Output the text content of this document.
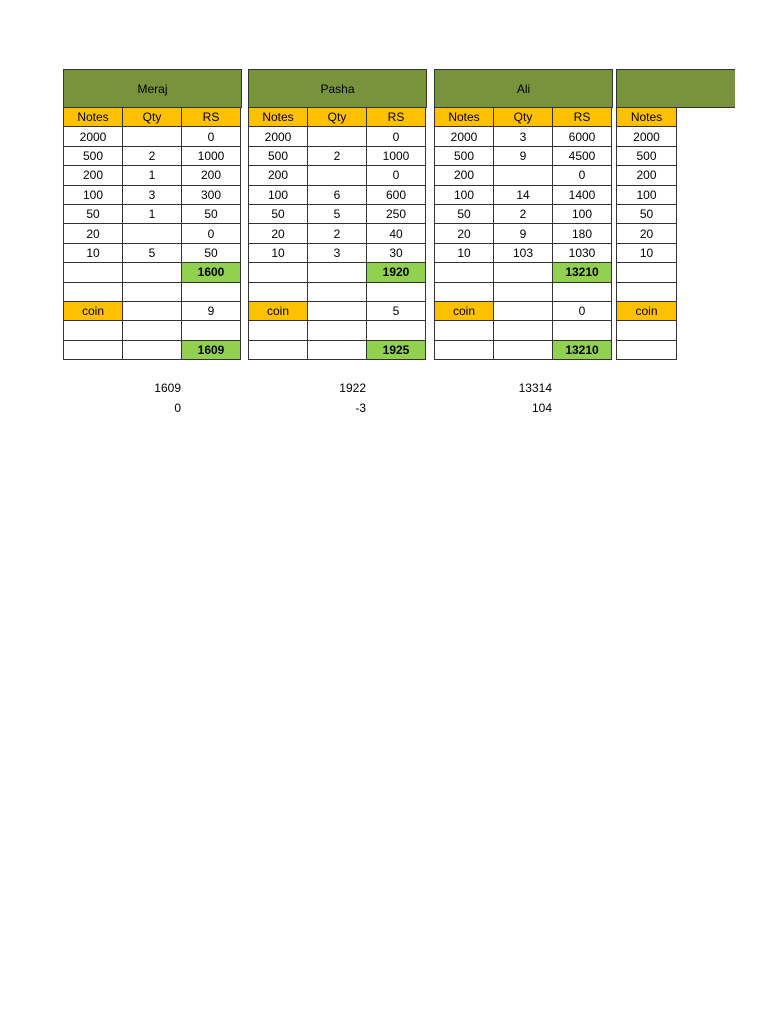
Meraj
Notes	Qty	RS
2000		0
500	2	1000
200	1	200
100	3	300
50	1	50
20		0
10	5	50
		1600

coin		9

		1609
1609
0
Pasha
Notes	Qty	RS
2000		0
500	2	1000
200		0
100	6	600
50	5	250
20	2	40
10	3	30
		1920

coin		5

		1925
1922
-3
Ali
Notes	Qty	RS
2000	3	6000
500	9	4500
200		0
100	14	1400
50	2	100
20	9	180
10	103	1030
		13210

coin		0

		13210
13314
104
Notes
2000
500
200
100
50
20
10

coin
